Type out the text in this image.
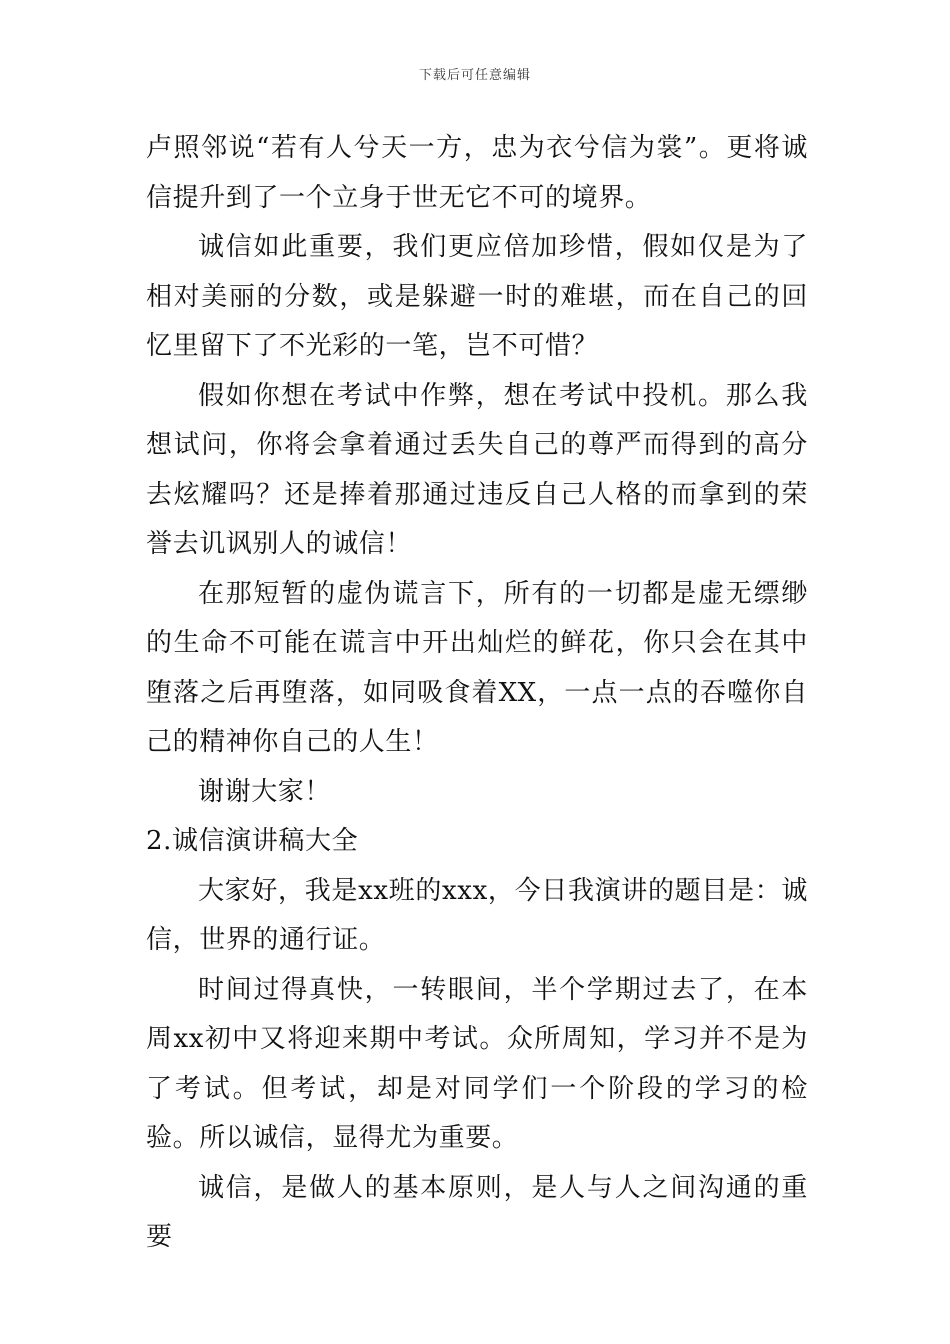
下载后可任意编辑

卢照邻说“若有人兮天一方，忠为衣兮信为裳”。更将诚信提升到了一个立身于世无它不可的境界。

诚信如此重要，我们更应倍加珍惜，假如仅是为了相对美丽的分数，或是躲避一时的难堪，而在自己的回忆里留下了不光彩的一笔，岂不可惜？

假如你想在考试中作弊，想在考试中投机。那么我想试问，你将会拿着通过丢失自己的尊严而得到的高分去炫耀吗？还是捧着那通过违反自己人格的而拿到的荣誉去讥讽别人的诚信！

在那短暂的虚伪谎言下，所有的一切都是虚无缥缈的生命不可能在谎言中开出灿烂的鲜花，你只会在其中堕落之后再堕落，如同吸食着XX，一点一点的吞噬你自己的精神你自己的人生！

谢谢大家！

2.诚信演讲稿大全

大家好，我是xx班的xxx，今日我演讲的题目是：诚信，世界的通行证。

时间过得真快，一转眼间，半个学期过去了，在本周xx初中又将迎来期中考试。众所周知，学习并不是为了考试。但考试，却是对同学们一个阶段的学习的检验。所以诚信，显得尤为重要。

诚信，是做人的基本原则，是人与人之间沟通的重要
